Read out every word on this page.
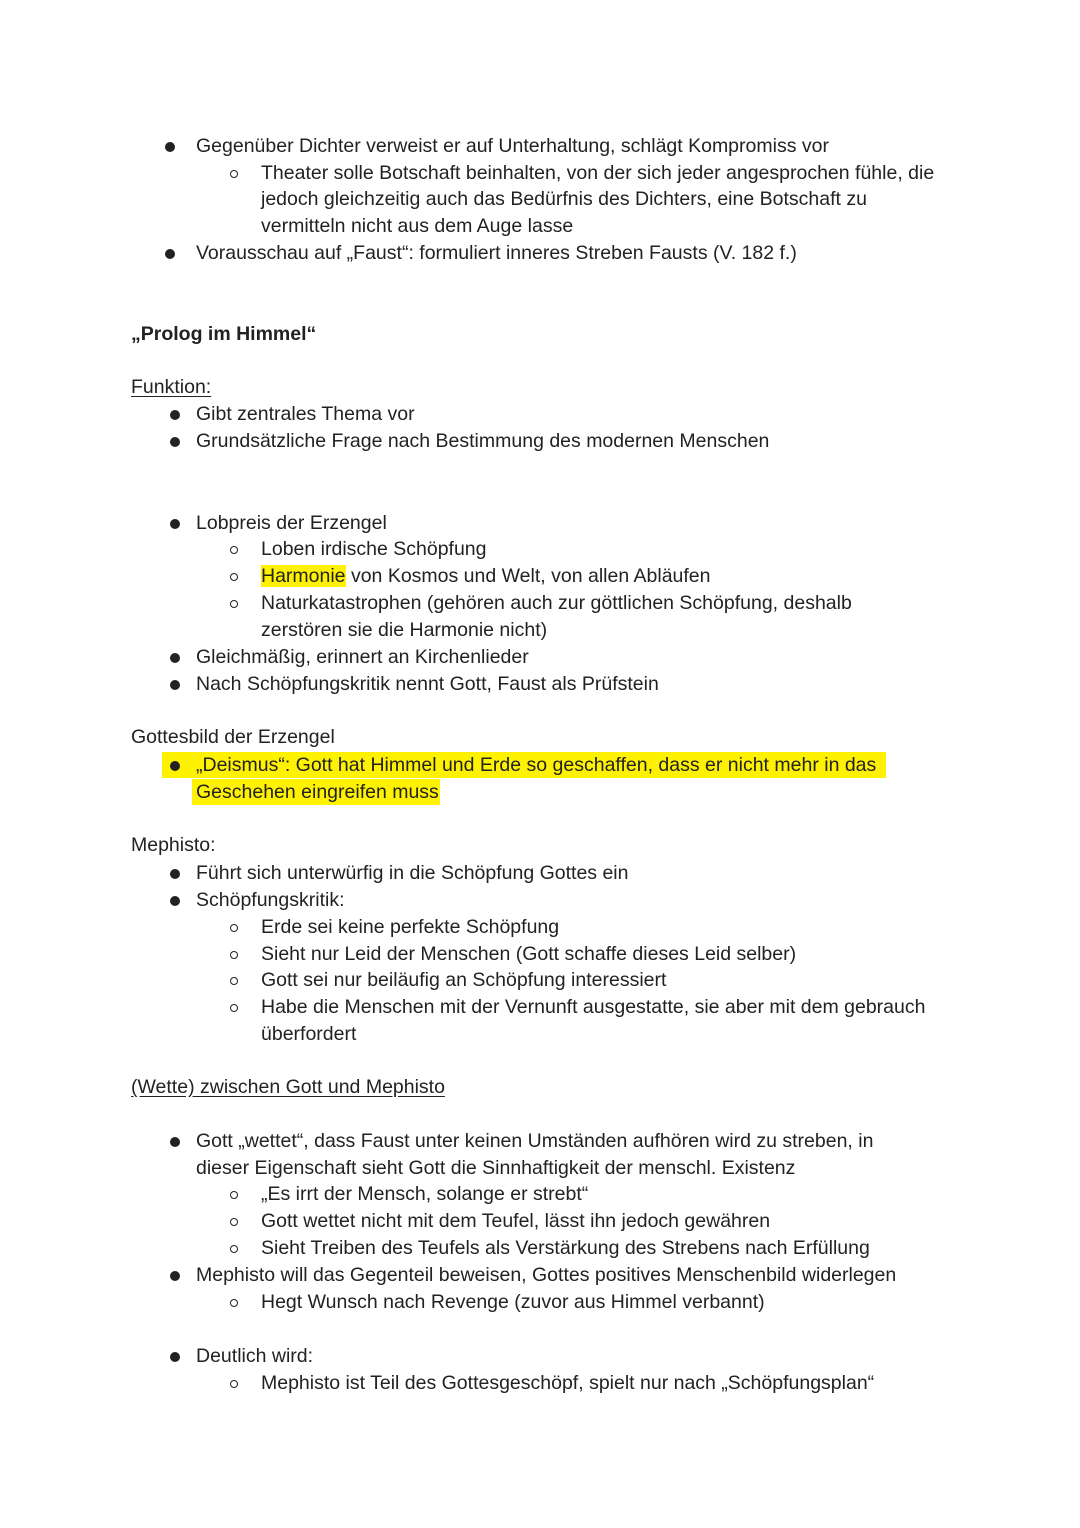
Gegenüber Dichter verweist er auf Unterhaltung, schlägt Kompromiss vor
Theater solle Botschaft beinhalten, von der sich jeder angesprochen fühle, die
jedoch gleichzeitig auch das Bedürfnis des Dichters, eine Botschaft zu
vermitteln nicht aus dem Auge lasse
Vorausschau auf „Faust“: formuliert inneres Streben Fausts (V. 182 f.)
„Prolog im Himmel“
Funktion:
Gibt zentrales Thema vor
Grundsätzliche Frage nach Bestimmung des modernen Menschen
Lobpreis der Erzengel
Loben irdische Schöpfung
Harmonie von Kosmos und Welt, von allen Abläufen
Naturkatastrophen (gehören auch zur göttlichen Schöpfung, deshalb
zerstören sie die Harmonie nicht)
Gleichmäßig, erinnert an Kirchenlieder
Nach Schöpfungskritik nennt Gott, Faust als Prüfstein
Gottesbild der Erzengel
„Deismus“: Gott hat Himmel und Erde so geschaffen, dass er nicht mehr in das
Geschehen eingreifen muss
Mephisto:
Führt sich unterwürfig in die Schöpfung Gottes ein
Schöpfungskritik:
Erde sei keine perfekte Schöpfung
Sieht nur Leid der Menschen (Gott schaffe dieses Leid selber)
Gott sei nur beiläufig an Schöpfung interessiert
Habe die Menschen mit der Vernunft ausgestatte, sie aber mit dem gebrauch
überfordert
(Wette) zwischen Gott und Mephisto
Gott „wettet“, dass Faust unter keinen Umständen aufhören wird zu streben, in
dieser Eigenschaft sieht Gott die Sinnhaftigkeit der menschl. Existenz
„Es irrt der Mensch, solange er strebt“
Gott wettet nicht mit dem Teufel, lässt ihn jedoch gewähren
Sieht Treiben des Teufels als Verstärkung des Strebens nach Erfüllung
Mephisto will das Gegenteil beweisen, Gottes positives Menschenbild widerlegen
Hegt Wunsch nach Revenge (zuvor aus Himmel verbannt)
Deutlich wird:
Mephisto ist Teil des Gottesgeschöpf, spielt nur nach „Schöpfungsplan“
